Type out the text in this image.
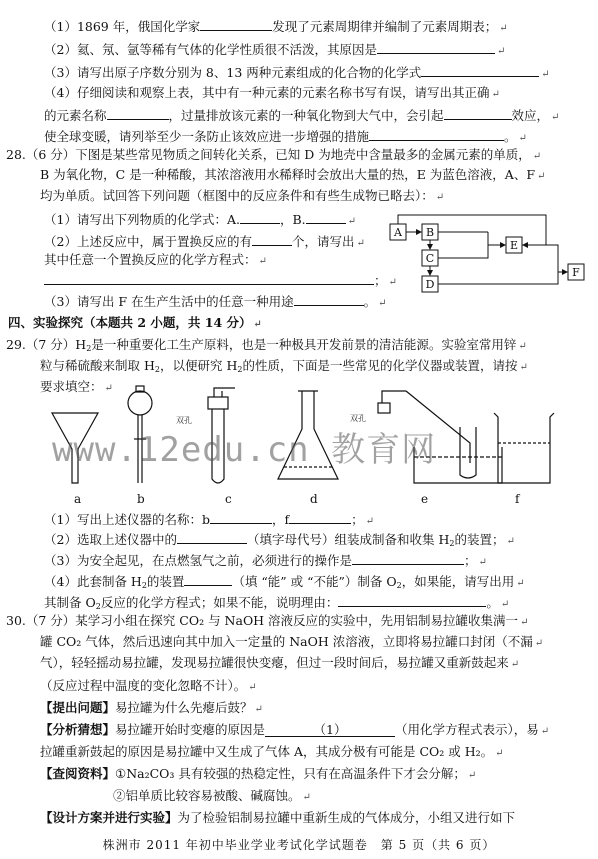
（1）1869 年，俄国化学家	发现了元素周期律并编制了元素周期表； ↵
（2）氦、氖、氩等稀有气体的化学性质很不活泼，其原因是	↵
（3）请写出原子序数分别为 8、13 两种元素组成的化合物的化学式	↵
（4）仔细阅读和观察上表，其中有一种元素的元素名称书写有误，请写出其正确 ↵
的元素名称	，过量排放该元素的一种氧化物到大气中，会引起	效应， ↵
使全球变暖，请列举至少一条防止该效应进一步增强的措施	。 ↵
28.（6 分）下图是某些常见物质之间转化关系，已知 D 为地壳中含量最多的金属元素的单质， ↵
B 为氧化物，C 是一种稀酸，其浓溶液用水稀释时会放出大量的热，E 为蓝色溶液，A、F ↵
均为单质。试回答下列问题（框图中的反应条件和有些生成物已略去）： ↵
（1）请写出下列物质的化学式：A.	，B.	↵
（2）上述反应中，属于置换反应的有	个，请写出 ↵
其中任意一个置换反应的化学方程式： ↵
； ↵
（3）请写出 F 在生产生活中的任意一种用途	。 ↵
A B
C
D
E
F
四、实验探究（本题共 2 小题，共 14 分） ↵
29.（7 分）$H_2$是一种重要化工生产原料，也是一种极具开发前景的清洁能源。实验室常用锌 ↵
粒与稀硫酸来制取 $H_2$，以便研究 $H_2$的性质，下面是一些常见的化学仪器或装置，请按 ↵
要求填空： ↵
双孔	双孔
www.12edu.cn 教育网
a	b	c	d	e	f
（1）写出上述仪器的名称：b	，f	； ↵
（2）选取上述仪器中的	（填字母代号）组装成制备和收集 $H_2$的装置； ↵
（3）为安全起见，在点燃氢气之前，必须进行的操作是	； ↵
（4）此套制备 $H_2$的装置	（填 “能” 或 “不能”）制备 $O_2$，如果能，请写出用 ↵
其制备 $O_2$反应的化学方程式；如果不能，说明理由：	。 ↵
30.（7 分）某学习小组在探究 CO₂ 与 NaOH 溶液反应的实验中，先用铝制易拉罐收集满一 ↵
罐 CO₂ 气体，然后迅速向其中加入一定量的 NaOH 浓溶液，立即将易拉罐口封闭（不漏 ↵
气），轻轻摇动易拉罐，发现易拉罐很快变瘪，但过一段时间后，易拉罐又重新鼓起来 ↵
（反应过程中温度的变化忽略不计）。 ↵
【提出问题】易拉罐为什么先瘪后鼓？ ↵
【分析猜想】易拉罐开始时变瘪的原因是	（1）	（用化学方程式表示），易 ↵
拉罐重新鼓起的原因是易拉罐中又生成了气体 A，其成分极有可能是 CO₂ 或 H₂。 ↵
【查阅资料】①Na₂CO₃ 具有较强的热稳定性，只有在高温条件下才会分解； ↵
②铝单质比较容易被酸、碱腐蚀。 ↵
【设计方案并进行实验】为了检验铝制易拉罐中重新生成的气体成分，小组又进行如下
株洲市 2011 年初中毕业学业考试化学试题卷　第 5 页（共 6 页）
